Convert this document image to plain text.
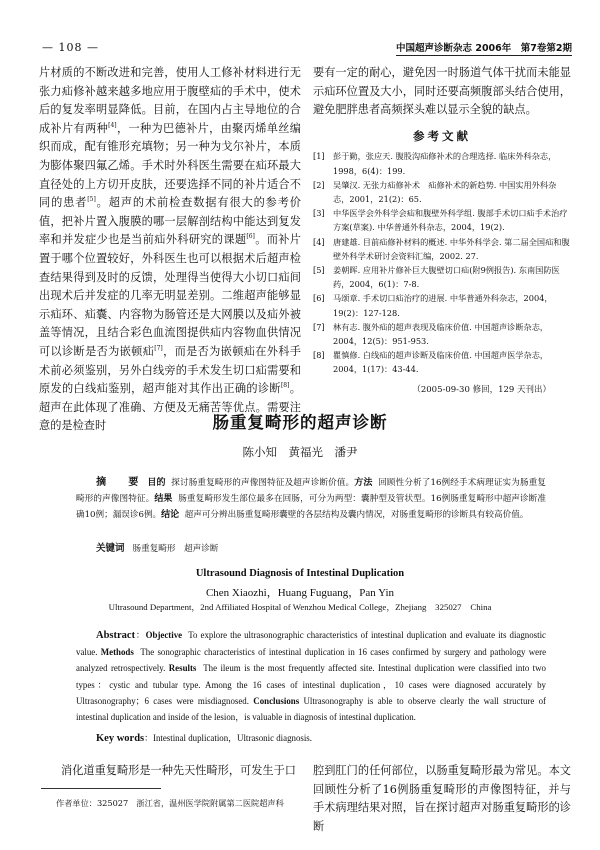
— 108 —	中国超声诊断杂志 2006年　第7卷第2期

片材质的不断改进和完善，使用人工修补材料进行无张力疝修补越来越多地应用于腹壁疝的手术中，使术后的复发率明显降低。目前，在国内占主导地位的合成补片有两种[4]，一种为巴德补片，由聚丙烯单丝编织而成，配有锥形充填物；另一种为戈尔补片，本质为膨体聚四氟乙烯。手术时外科医生需要在疝环最大直径处的上方切开皮肤，还要选择不同的补片适合不同的患者[5]。超声的术前检查数据有很大的参考价值，把补片置入腹膜的哪一层解剖结构中能达到复发率和并发症少也是当前疝外科研究的课题[6]。而补片置于哪个位置较好，外科医生也可以根据术后超声检查结果得到及时的反馈，处理得当使得大小切口疝间出现术后并发症的几率无明显差别。二维超声能够显示疝环、疝囊、内容物为肠管还是大网膜以及疝外被盖等情况，且结合彩色血流图提供疝内容物血供情况可以诊断是否为嵌顿疝[7]，而是否为嵌顿疝在外科手术前必须鉴别，另外白线旁的手术发生切口疝需要和原发的白线疝鉴别，超声能对其作出正确的诊断[8]。超声在此体现了准确、方便及无痛苦等优点。需要注意的是检查时

要有一定的耐心，避免因一时肠道气体干扰而未能显示疝环位置及大小，同时还要高频腹部头结合使用，避免肥胖患者高频探头难以显示全貌的缺点。

参考文献

[1] 彭于勤，张应天. 腹股沟疝修补术的合理选择. 临床外科杂志，1998，6(4)：199.

[2] 吴肇汉. 无张力疝修补术　疝修补术的新趋势. 中国实用外科杂志，2001，21(2)：65.

[3] 中华医学会外科学会疝和腹壁外科学组. 腹部手术切口疝手术治疗方案(草案). 中华普通外科杂志，2004，19(2).

[4] 唐建雄. 目前疝修补材料的概述. 中华外科学会. 第二届全国疝和腹壁外科学术研讨会资料汇编，2002. 27.

[5] 姜朝晖. 应用补片修补巨大腹壁切口疝(附9例报告). 东南国防医药，2004，6(1)：7-8.

[6] 马颂章. 手术切口疝治疗的进展. 中华普通外科杂志，2004，19(2)：127-128.

[7] 林有志. 腹外疝的超声表现及临床价值. 中国超声诊断杂志，2004，12(5)：951-953.

[8] 瞿慎修. 白线疝的超声诊断及临床价值. 中国超声医学杂志，2004，1(17)：43-44.

（2005-09-30 修回，129 天刊出）
肠重复畸形的超声诊断
陈小知　黄福光　潘尹
摘　要 目的 探讨肠重复畸形的声像图特征及超声诊断价值。方法 回顾性分析了16例经手术病理证实为肠重复畸形的声像图特征。结果 肠重复畸形发生部位最多在回肠，可分为两型：囊肿型及管状型。16例肠重复畸形中超声诊断准确10例；漏误诊6例。结论 超声可分辨出肠重复畸形囊壁的各层结构及囊内情况，对肠重复畸形的诊断具有较高价值。
关键词 肠重复畸形　超声诊断
Ultrasound Diagnosis of Intestinal Duplication
Chen Xiaozhi，Huang Fuguang，Pan Yin
Ultrasound Department，2nd Affiliated Hospital of Wenzhou Medical College，Zhejiang　325027　China
Abstract：Objective To explore the ultrasonographic characteristics of intestinal duplication and evaluate its diagnostic value. Methods The sonographic characteristics of intestinal duplication in 16 cases confirmed by surgery and pathology were analyzed retrospectively. Results The ileum is the most frequently affected site. Intestinal duplication were classified into two types：cystic and tubular type. Among the 16 cases of intestinal duplication，10 cases were diagnosed accurately by Ultrasonography；6 cases were misdiagnosed. Conclusions Ultrasonography is able to observe clearly the wall structure of intestinal duplication and inside of the lesion，is valuable in diagnosis of intestinal duplication.
Key words：Intestinal duplication，Ultrasonic diagnosis.
消化道重复畸形是一种先天性畸形，可发生于口
作者单位：325027　浙江省，温州医学院附属第二医院超声科
腔到肛门的任何部位，以肠重复畸形最为常见。本文回顾性分析了16例肠重复畸形的声像图特征，并与手术病理结果对照，旨在探讨超声对肠重复畸形的诊断
